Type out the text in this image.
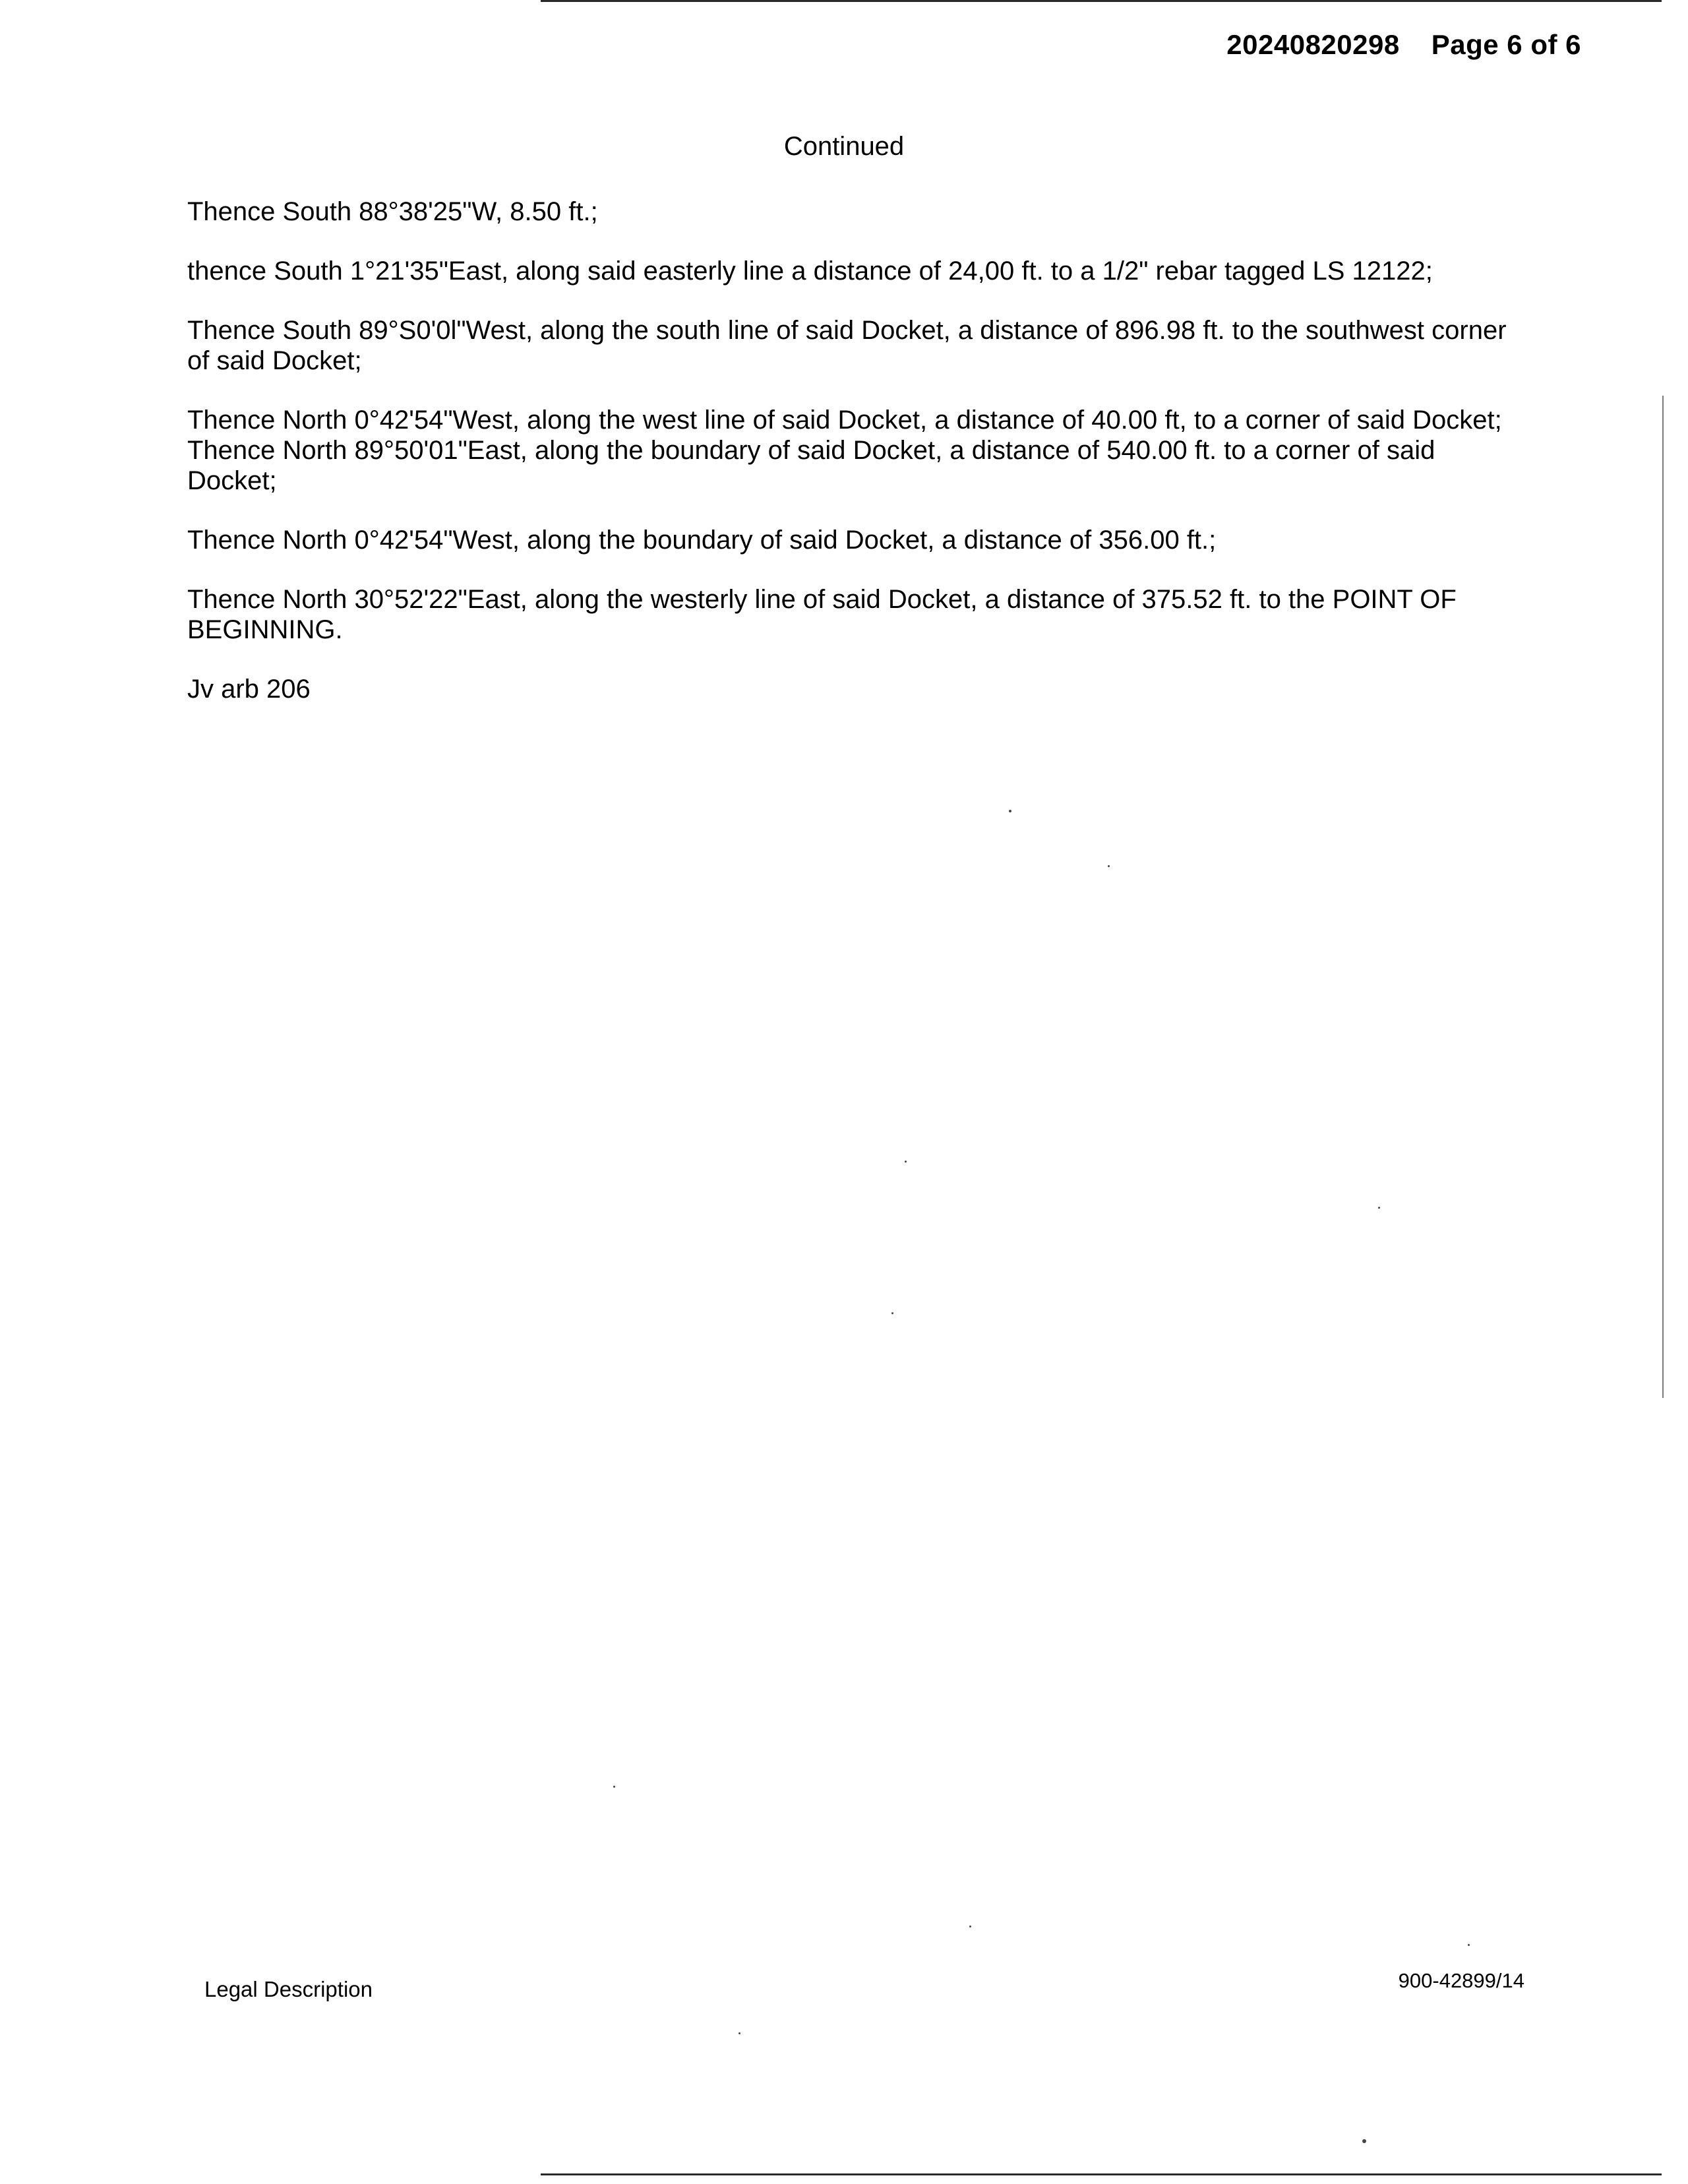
20240820298 Page 6 of 6
Continued

Thence South 88°38'25"W, 8.50 ft.;

thence South 1°21'35"East, along said easterly line a distance of 24,00 ft. to a 1/2" rebar tagged LS 12122;

Thence South 89°S0'0l"West, along the south line of said Docket, a distance of 896.98 ft. to the southwest corner of said Docket;

Thence North 0°42'54"West, along the west line of said Docket, a distance of 40.00 ft, to a corner of said Docket;

Thence North 89°50'01"East, along the boundary of said Docket, a distance of 540.00 ft. to a corner of said Docket;

Thence North 0°42'54"West, along the boundary of said Docket, a distance of 356.00 ft.;

Thence North 30°52'22"East, along the westerly line of said Docket, a distance of 375.52 ft. to the POINT OF BEGINNING.

Jv arb 206

Legal Description	900-42899/14
